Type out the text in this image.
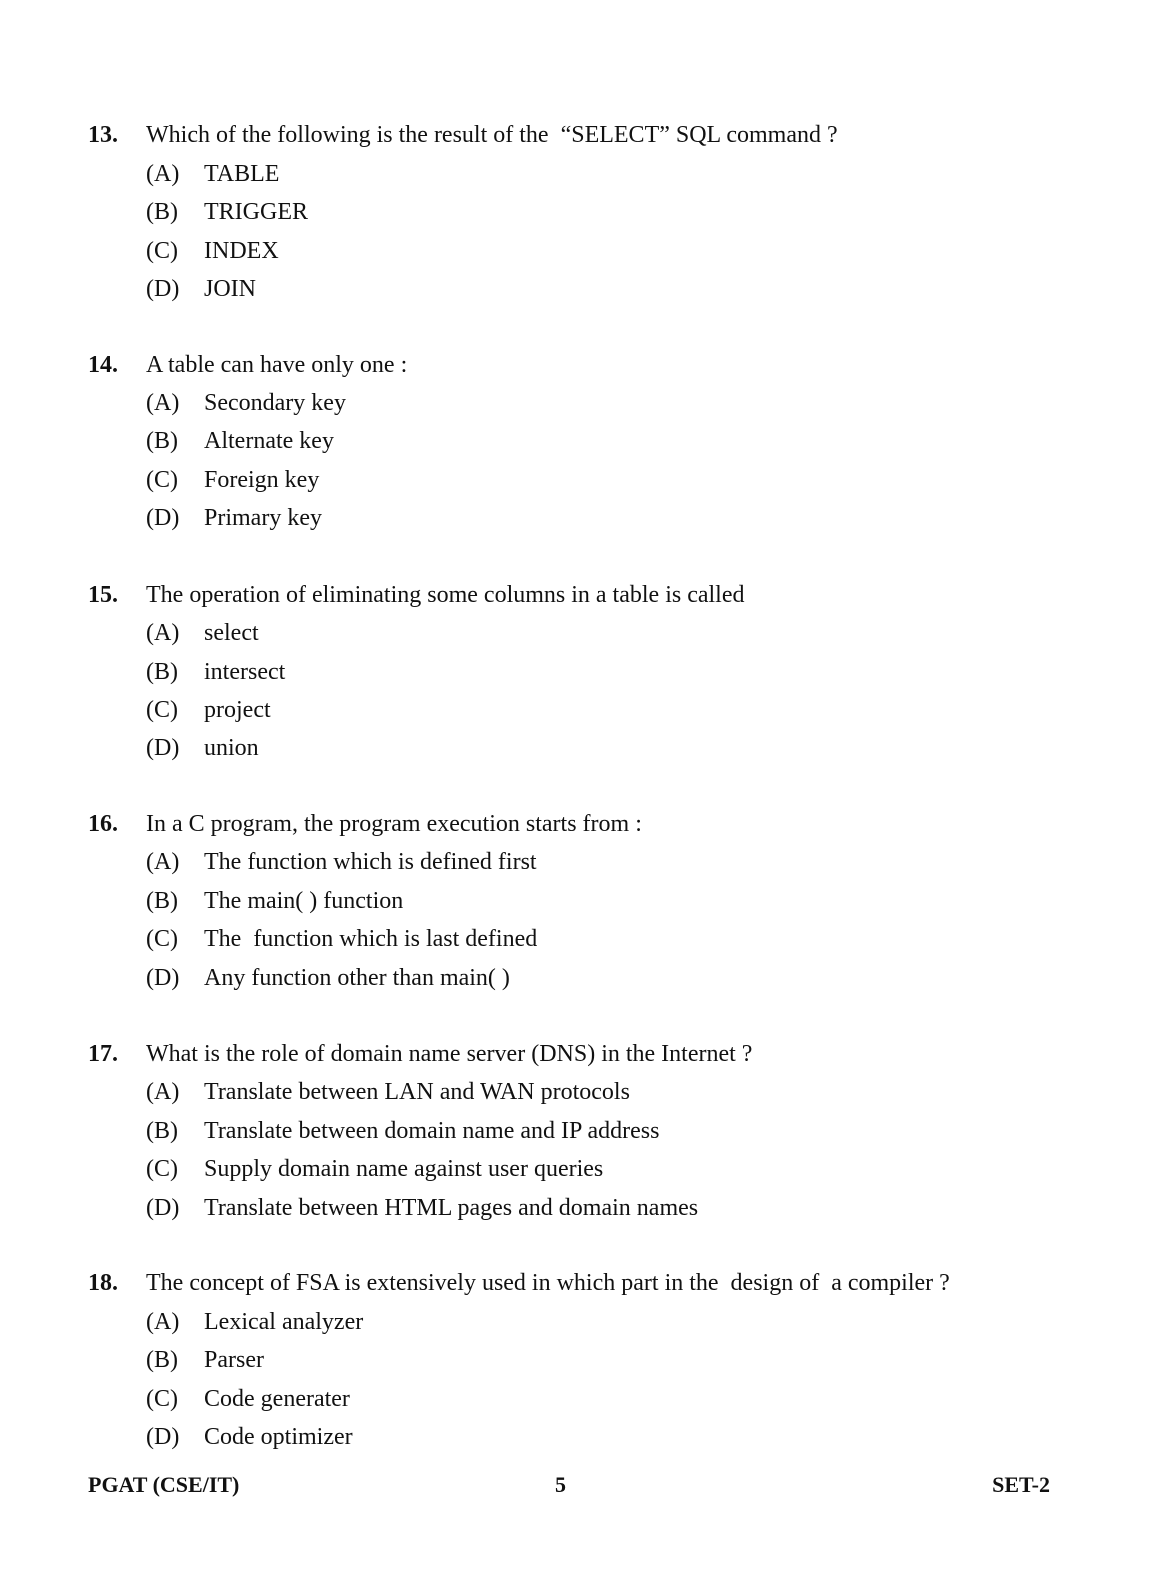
13. Which of the following is the result of the  “SELECT” SQL command ?
(A) TABLE
(B) TRIGGER
(C) INDEX
(D) JOIN
14. A table can have only one :
(A) Secondary key
(B) Alternate key
(C) Foreign key
(D) Primary key
15. The operation of eliminating some columns in a table is called
(A) select
(B) intersect
(C) project
(D) union
16. In a C program, the program execution starts from :
(A) The function which is defined first
(B) The main( ) function
(C) The  function which is last defined
(D) Any function other than main( )
17. What is the role of domain name server (DNS) in the Internet ?
(A) Translate between LAN and WAN protocols
(B) Translate between domain name and IP address
(C) Supply domain name against user queries
(D) Translate between HTML pages and domain names
18. The concept of FSA is extensively used in which part in the  design of  a compiler ?
(A) Lexical analyzer
(B) Parser
(C) Code generater
(D) Code optimizer
PGAT (CSE/IT)	5	SET-2
